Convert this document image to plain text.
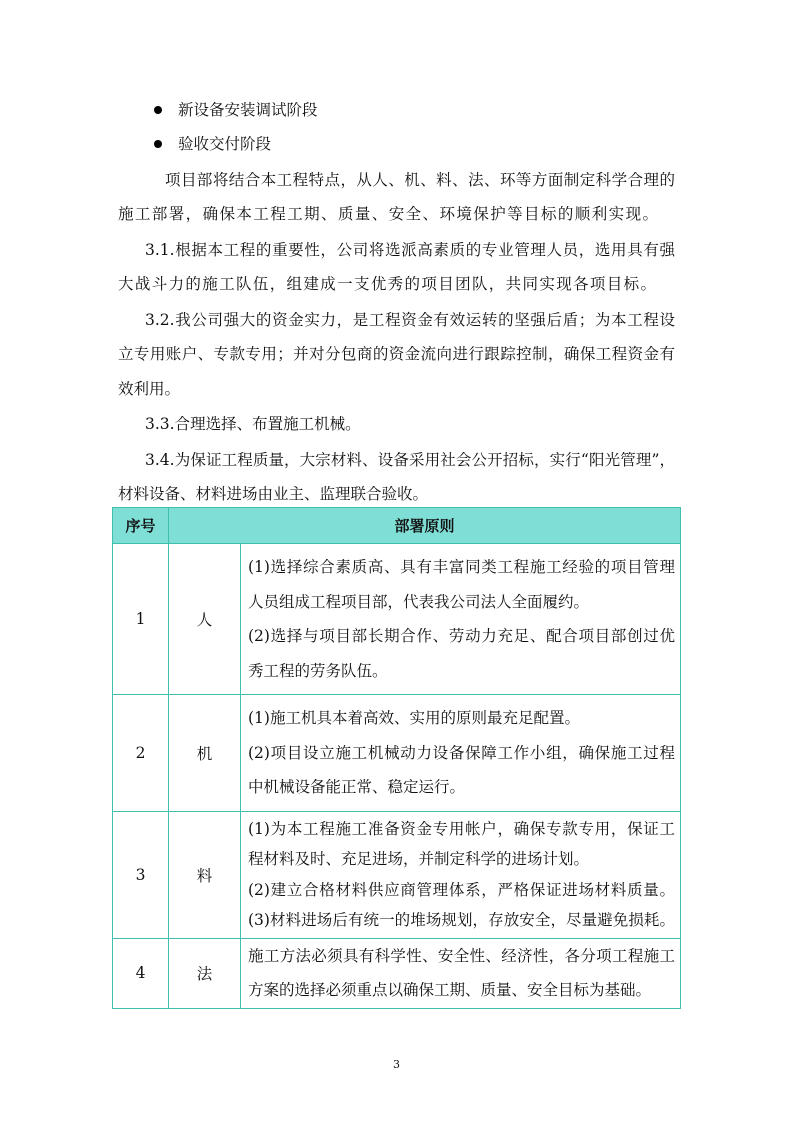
新设备安装调试阶段
验收交付阶段
项目部将结合本工程特点，从人、机、料、法、环等方面制定科学合理的
施工部署，确保本工程工期、质量、安全、环境保护等目标的顺利实现。
3.1.根据本工程的重要性，公司将选派高素质的专业管理人员，选用具有强
大战斗力的施工队伍，组建成一支优秀的项目团队，共同实现各项目标。
3.2.我公司强大的资金实力，是工程资金有效运转的坚强后盾；为本工程设
立专用账户、专款专用；并对分包商的资金流向进行跟踪控制，确保工程资金有
效利用。
3.3.合理选择、布置施工机械。
3.4.为保证工程质量，大宗材料、设备采用社会公开招标，实行“阳光管理”，
材料设备、材料进场由业主、监理联合验收。
序号	部署原则	
1	人	(1)选择综合素质高、具有丰富同类工程施工经验的项目管理
人员组成工程项目部，代表我公司法人全面履约。
(2)选择与项目部长期合作、劳动力充足、配合项目部创过优
秀工程的劳务队伍。

2	机	(1)施工机具本着高效、实用的原则最充足配置。
(2)项目设立施工机械动力设备保障工作小组，确保施工过程
中机械设备能正常、稳定运行。

3	料	(1)为本工程施工准备资金专用帐户，确保专款专用，保证工
程材料及时、充足进场，并制定科学的进场计划。
(2)建立合格材料供应商管理体系，严格保证进场材料质量。
(3)材料进场后有统一的堆场规划，存放安全，尽量避免损耗。

4	法	施工方法必须具有科学性、安全性、经济性，各分项工程施工
方案的选择必须重点以确保工期、质量、安全目标为基础。
3
